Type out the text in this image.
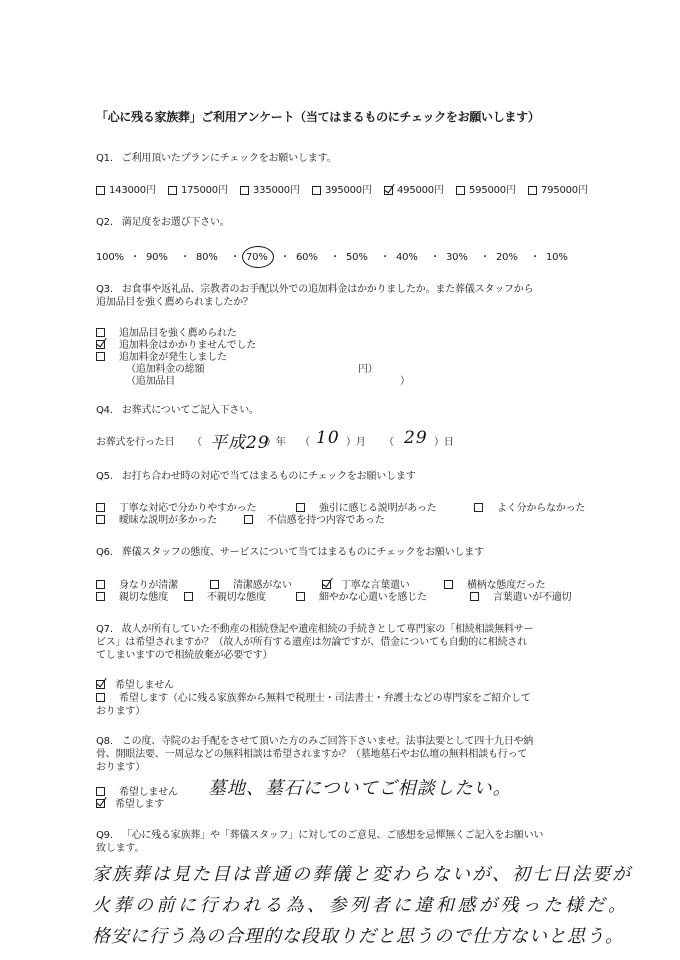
「心に残る家族葬」ご利用アンケート（当てはまるものにチェックをお願いします）
Q1. ご利用頂いたプランにチェックをお願いします。
143000円	175000円	335000円	395000円	495000円	595000円	795000円
Q2. 満足度をお選び下さい。
100% ・ 90%	・ 80%	・ 70%	・ 60%	・ 50%	・ 40%	・ 30%	・ 20%	・ 10%
Q3. お食事や返礼品、宗教者のお手配以外での追加料金はかかりましたか。また葬儀スタッフから
追加品目を強く薦められましたか？
追加品目を強く薦められた
追加料金はかかりませんでした
追加料金が発生しました
（追加料金の総額	円）
（追加品目	）
Q4. お葬式についてご記入下さい。
お葬式を行った日 （ 平成29
）年 （ 10 ）月 （ 29 ）日
Q5. お打ち合わせ時の対応で当てはまるものにチェックをお願いします
丁寧な対応で分かりやすかった	強引に感じる説明があった	よく分からなかった
曖昧な説明が多かった	不信感を持つ内容であった
Q6. 葬儀スタッフの態度、サービスについて当てはまるものにチェックをお願いします
身なりが清潔	清潔感がない	丁寧な言葉遣い	横柄な態度だった
親切な態度	不親切な態度	細やかな心遣いを感じた	言葉遣いが不適切
Q7. 故人が所有していた不動産の相続登記や遺産相続の手続きとして専門家の「相続相談無料サー
ビス」は希望されますか？（故人が所有する遺産は勿論ですが、借金についても自動的に相続され
てしまいますので相続放棄が必要です）
希望しません
希望します（心に残る家族葬から無料で税理士・司法書士・弁護士などの専門家をご紹介して
おります）
Q8. この度、寺院のお手配をさせて頂いた方のみご回答下さいませ。法事法要として四十九日や納
骨、開眼法要、一周忌などの無料相談は希望されますか？（墓地墓石やお仏壇の無料相談も行って
おります）
希望しません
希望します
墓地、墓石についてご相談したい。
Q9. 「心に残る家族葬」や「葬儀スタッフ」に対してのご意見、ご感想を忌憚無くご記入をお願いい
致します。
家族葬は見た目は普通の葬儀と変わらないが、初七日法要が
火葬の前に行われる為、参列者に違和感が残った様だ。
格安に行う為の合理的な段取りだと思うので仕方ないと思う。
